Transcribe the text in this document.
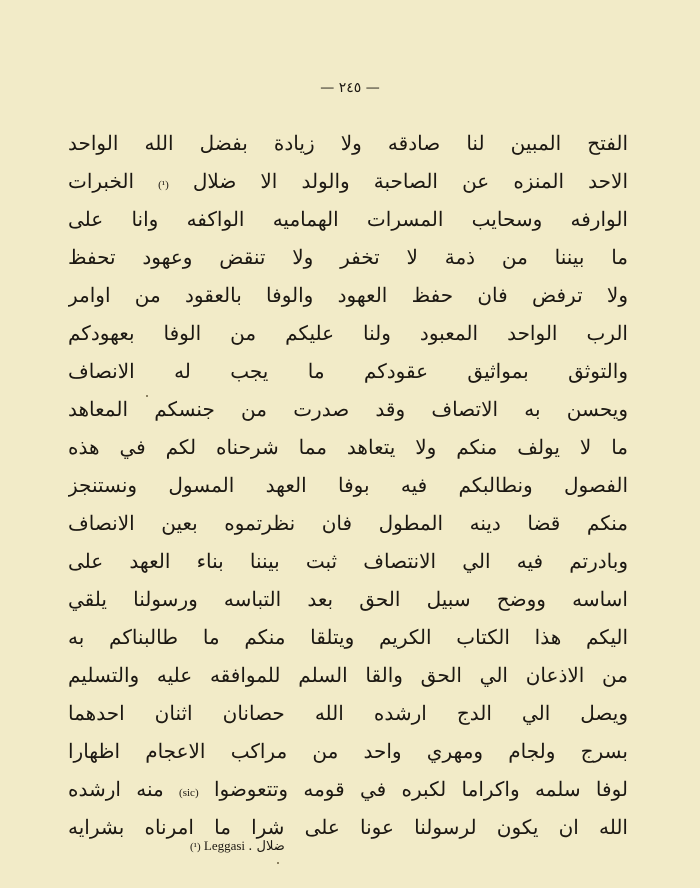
— ٢٤٥ —
الفتح المبين لنا صادقه ولا زيادة بفضل الله الواحد
الاحد المنزه عن الصاحبة والولد الا ضلال (¹) الخبرات
الوارفه وسحايب المسرات الهماميه الواكفه وانا على
ما بيننا من ذمة لا تخفر ولا تنقض وعهود تحفظ
ولا ترفض فان حفظ العهود والوفا بالعقود من اوامر
الرب الواحد المعبود ولنا عليكم من الوفا بعهودكم
والتوثق بمواثيق عقودكم ما يجب له الانصاف
ويحسن به الاتصاف وقد صدرت من جنسكم المعاهد
ما لا يولف منكم ولا يتعاهد مما شرحناه لكم في هذه
الفصول ونطالبكم فيه بوفا العهد المسول ونستنجز
منكم قضا دينه المطول فان نظرتموه بعين الانصاف
وبادرتم فيه الي الانتصاف ثبت بيننا بناء العهد على
اساسه ووضح سبيل الحق بعد التباسه ورسولنا يلقي
اليكم هذا الكتاب الكريم ويتلقا منكم ما طالبناكم به
من الاذعان الي الحق والقا السلم للموافقه عليه والتسليم
ويصل الي الدج ارشده الله حصانان اثنان احدهما
بسرج ولجام ومهري واحد من مراكب الاعجام اظهارا
لوفا سلمه واكراما لكبره في قومه وتتعوضوا (sic) منه ارشده
الله ان يكون لرسولنا عونا على شرا ما امرناه بشرايه
(¹) Leggasi ضلال .
